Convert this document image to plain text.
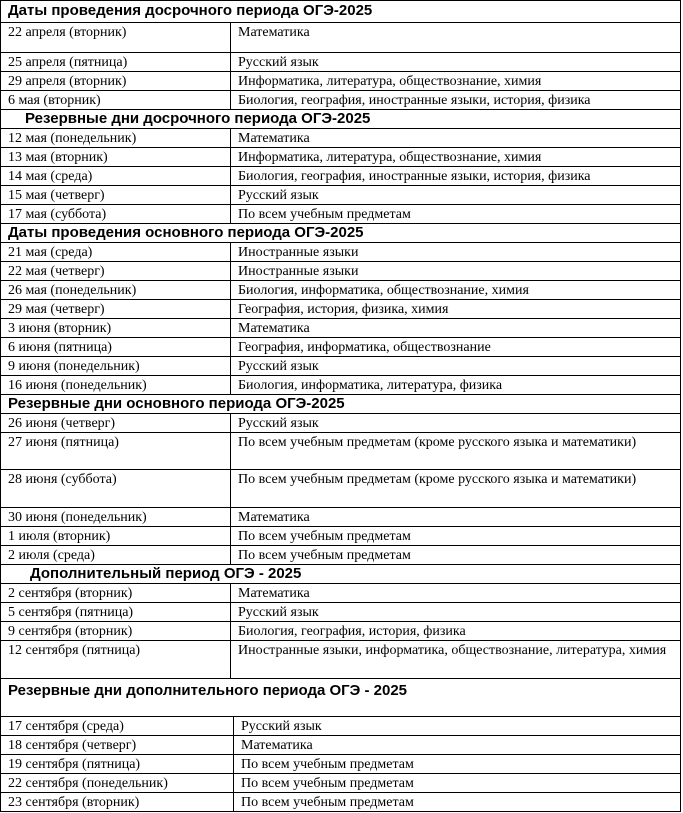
Даты проведения досрочного периода ОГЭ-2025
22 апреля (вторник)	Математика
25 апреля (пятница)	Русский язык
29 апреля (вторник)	Информатика, литература, обществознание, химия
6 мая (вторник)	Биология, география, иностранные языки, история, физика
Резервные дни досрочного периода ОГЭ-2025
12 мая (понедельник)	Математика
13 мая (вторник)	Информатика, литература, обществознание, химия
14 мая (среда)	Биология, география, иностранные языки, история, физика
15 мая (четверг)	Русский язык
17 мая (суббота)	По всем учебным предметам
Даты проведения основного периода ОГЭ-2025
21 мая (среда)	Иностранные языки
22 мая (четверг)	Иностранные языки
26 мая (понедельник)	Биология, информатика, обществознание, химия
29 мая (четверг)	География, история, физика, химия
3 июня (вторник)	Математика
6 июня (пятница)	География, информатика, обществознание
9 июня (понедельник)	Русский язык
16 июня (понедельник)	Биология, информатика, литература, физика
Резервные дни основного периода ОГЭ-2025
26 июня (четверг)	Русский язык
27 июня (пятница)	По всем учебным предметам (кроме русского языка и математики)
28 июня (суббота)	По всем учебным предметам (кроме русского языка и математики)
30 июня (понедельник)	Математика
1 июля (вторник)	По всем учебным предметам
2 июля (среда)	По всем учебным предметам
Дополнительный период ОГЭ - 2025
2 сентября (вторник)	Математика
5 сентября (пятница)	Русский язык
9 сентября (вторник)	Биология, география, история, физика
12 сентября (пятница)	Иностранные языки, информатика, обществознание, литература, химия
Резервные дни дополнительного периода ОГЭ - 2025
17 сентября (среда)	Русский язык
18 сентября (четверг)	Математика
19 сентября (пятница)	По всем учебным предметам
22 сентября (понедельник)	По всем учебным предметам
23 сентября (вторник)	По всем учебным предметам
